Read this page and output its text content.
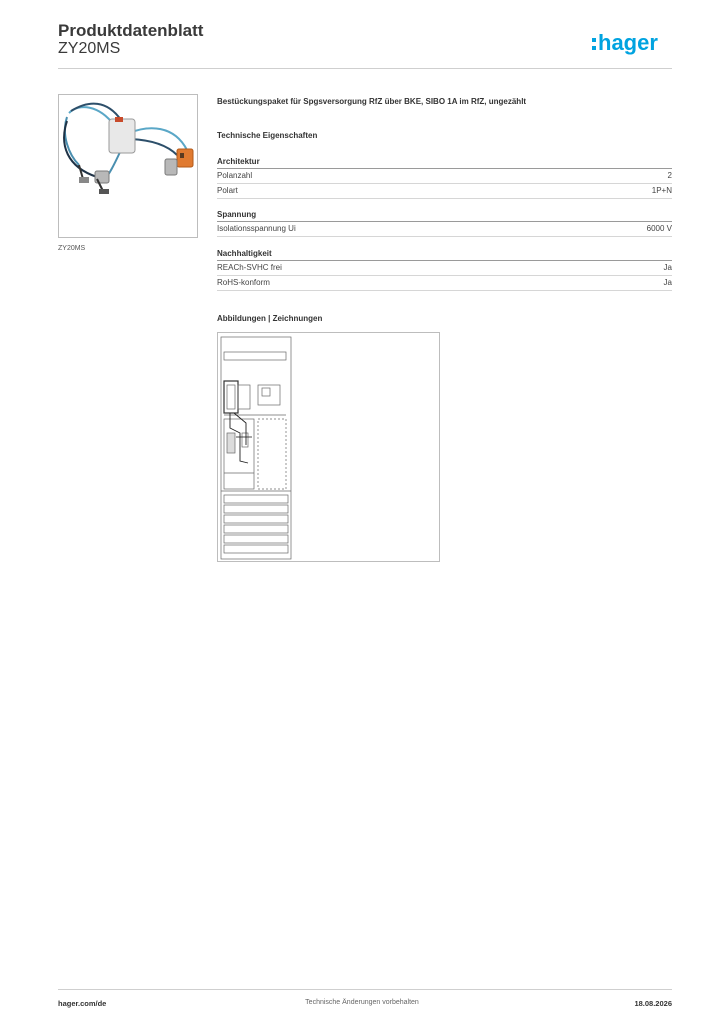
Produktdatenblatt
ZY20MS	hager
ZY20MS
Bestückungspaket für Spgsversorgung RfZ über BKE, SIBO 1A im RfZ, ungezählt
Technische Eigenschaften
Architektur
Polanzahl	2
Polart	1P+N
Spannung
Isolationsspannung Ui	6000 V
Nachhaltigkeit
REACh-SVHC frei	Ja
RoHS-konform	Ja
Abbildungen | Zeichnungen
hager.com/de	Technische Änderungen vorbehalten	18.08.2026
